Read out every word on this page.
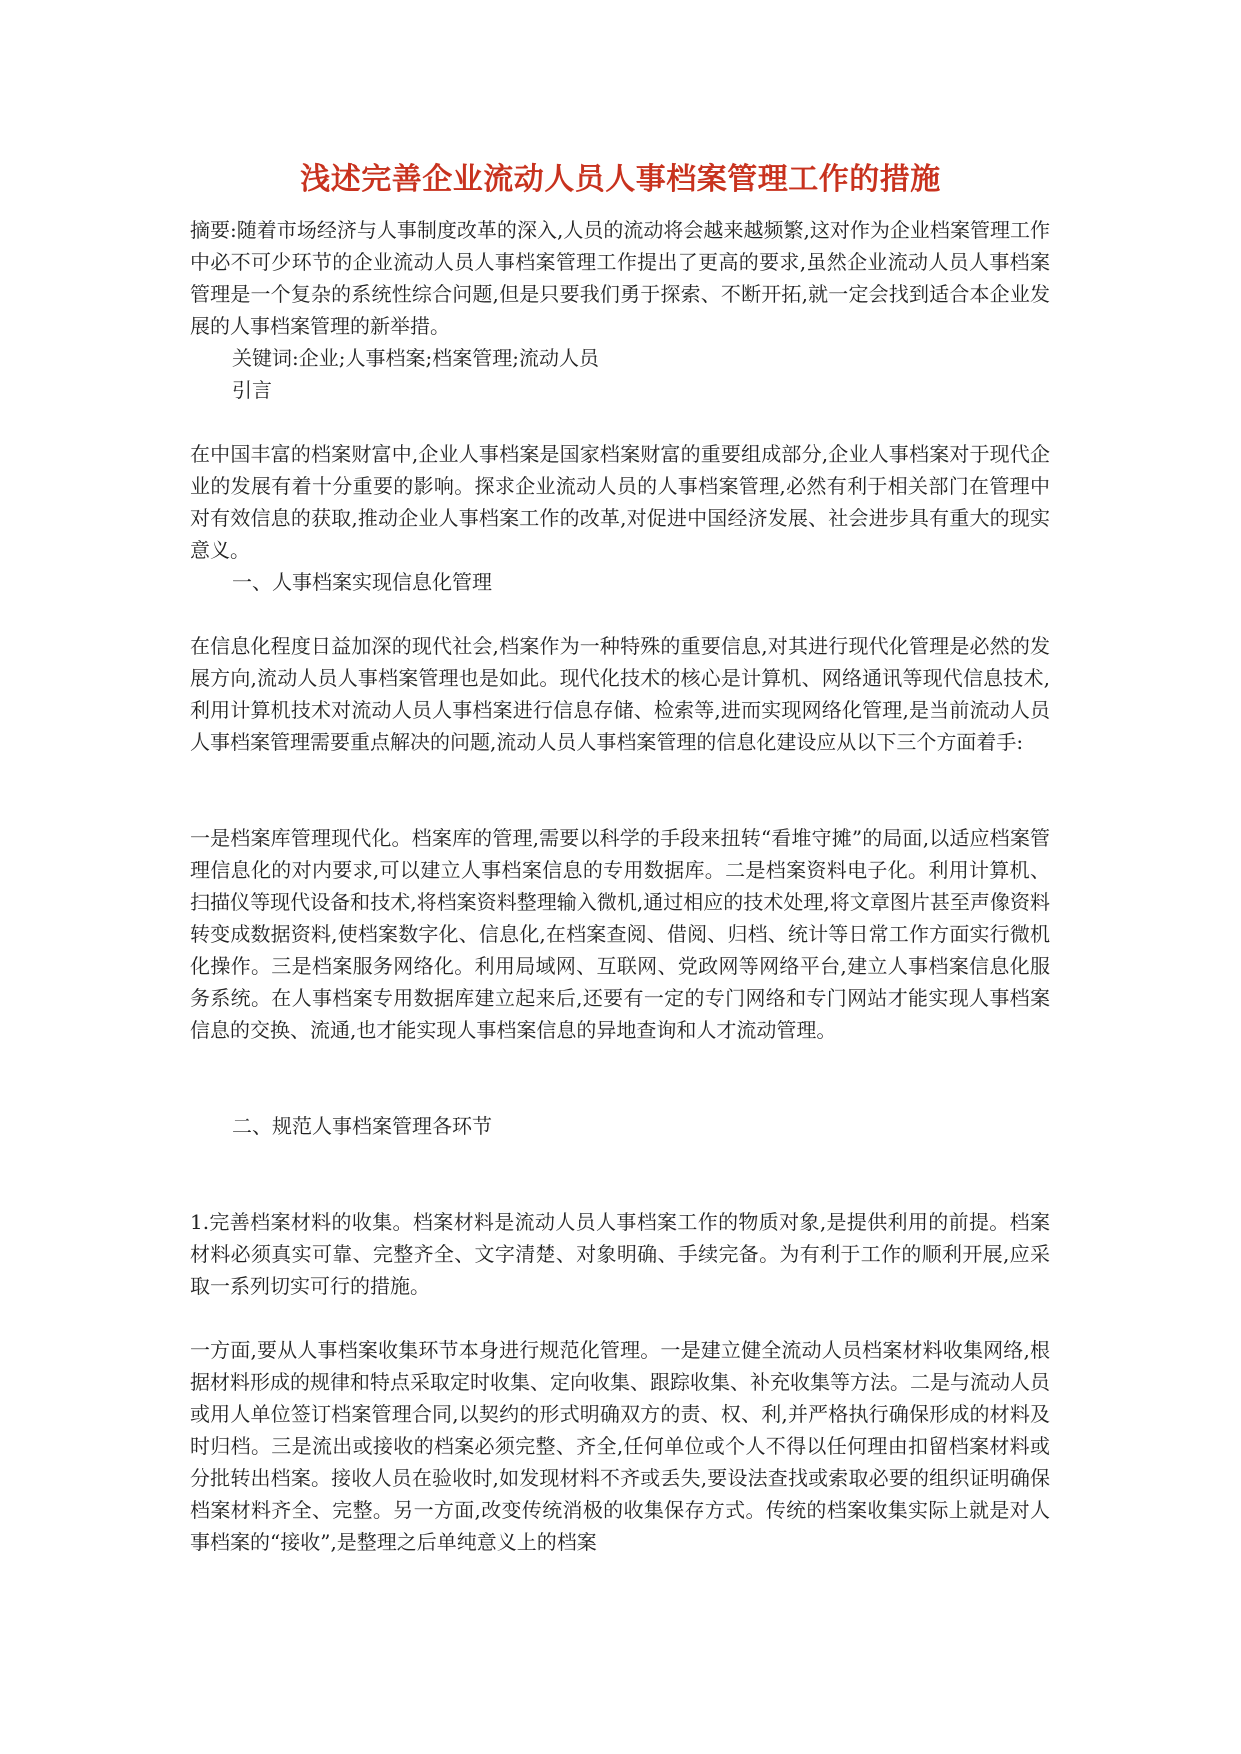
浅述完善企业流动人员人事档案管理工作的措施
摘要:随着市场经济与人事制度改革的深入,人员的流动将会越来越频繁,这对作为企业档案管理工作中必不可少环节的企业流动人员人事档案管理工作提出了更高的要求,虽然企业流动人员人事档案管理是一个复杂的系统性综合问题,但是只要我们勇于探索、不断开拓,就一定会找到适合本企业发展的人事档案管理的新举措。
关键词:企业;人事档案;档案管理;流动人员
引言
在中国丰富的档案财富中,企业人事档案是国家档案财富的重要组成部分,企业人事档案对于现代企业的发展有着十分重要的影响。探求企业流动人员的人事档案管理,必然有利于相关部门在管理中对有效信息的获取,推动企业人事档案工作的改革,对促进中国经济发展、社会进步具有重大的现实意义。
一、人事档案实现信息化管理
在信息化程度日益加深的现代社会,档案作为一种特殊的重要信息,对其进行现代化管理是必然的发展方向,流动人员人事档案管理也是如此。现代化技术的核心是计算机、网络通讯等现代信息技术,利用计算机技术对流动人员人事档案进行信息存储、检索等,进而实现网络化管理,是当前流动人员人事档案管理需要重点解决的问题,流动人员人事档案管理的信息化建设应从以下三个方面着手:
一是档案库管理现代化。档案库的管理,需要以科学的手段来扭转“看堆守摊”的局面,以适应档案管理信息化的对内要求,可以建立人事档案信息的专用数据库。二是档案资料电子化。利用计算机、扫描仪等现代设备和技术,将档案资料整理输入微机,通过相应的技术处理,将文章图片甚至声像资料转变成数据资料,使档案数字化、信息化,在档案查阅、借阅、归档、统计等日常工作方面实行微机化操作。三是档案服务网络化。利用局域网、互联网、党政网等网络平台,建立人事档案信息化服务系统。在人事档案专用数据库建立起来后,还要有一定的专门网络和专门网站才能实现人事档案信息的交换、流通,也才能实现人事档案信息的异地查询和人才流动管理。
二、规范人事档案管理各环节
1.完善档案材料的收集。档案材料是流动人员人事档案工作的物质对象,是提供利用的前提。档案材料必须真实可靠、完整齐全、文字清楚、对象明确、手续完备。为有利于工作的顺利开展,应采取一系列切实可行的措施。
一方面,要从人事档案收集环节本身进行规范化管理。一是建立健全流动人员档案材料收集网络,根据材料形成的规律和特点采取定时收集、定向收集、跟踪收集、补充收集等方法。二是与流动人员或用人单位签订档案管理合同,以契约的形式明确双方的责、权、利,并严格执行确保形成的材料及时归档。三是流出或接收的档案必须完整、齐全,任何单位或个人不得以任何理由扣留档案材料或分批转出档案。接收人员在验收时,如发现材料不齐或丢失,要设法查找或索取必要的组织证明确保档案材料齐全、完整。另一方面,改变传统消极的收集保存方式。传统的档案收集实际上就是对人事档案的“接收”,是整理之后单纯意义上的档案
